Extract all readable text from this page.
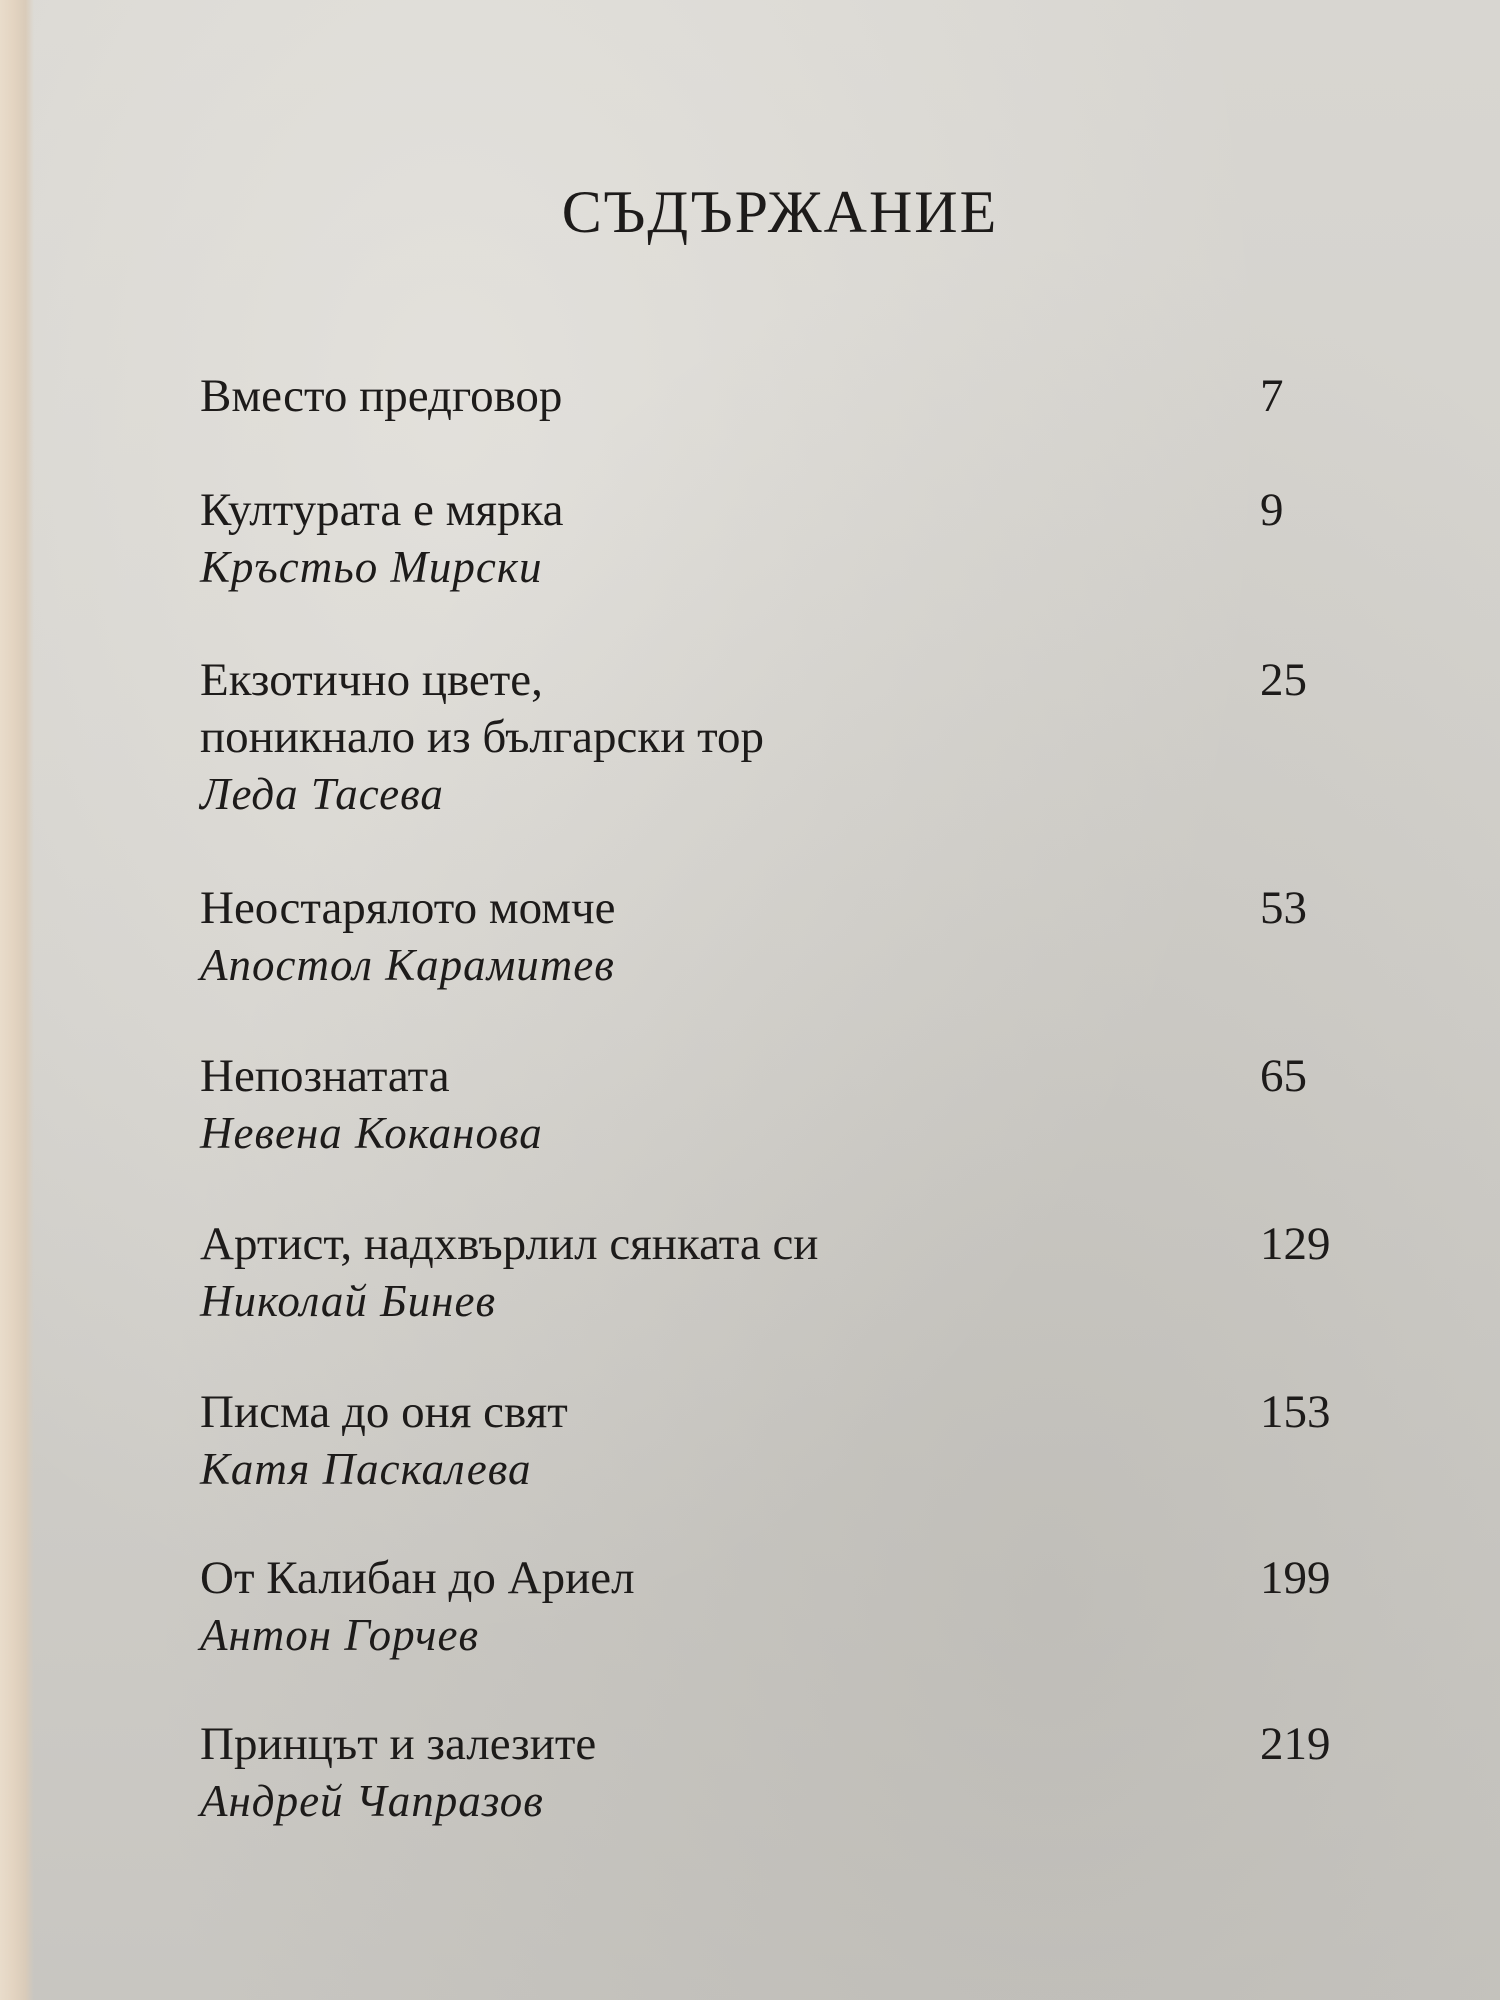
СЪДЪРЖАНИЕ
Вместо предговор	7
Културата е мярка
Кръстьо Мирски
9
Екзотично цвете,
поникнало из български тор
Леда Тасева
25
Неостарялото момче
Апостол Карамитев
53
Непознатата
Невена Коканова
65
Артист, надхвърлил сянката си
Николай Бинев
129
Писма до оня свят
Катя Паскалева
153
От Калибан до Ариел
Антон Горчев
199
Принцът и залезите
Андрей Чапразов
219
